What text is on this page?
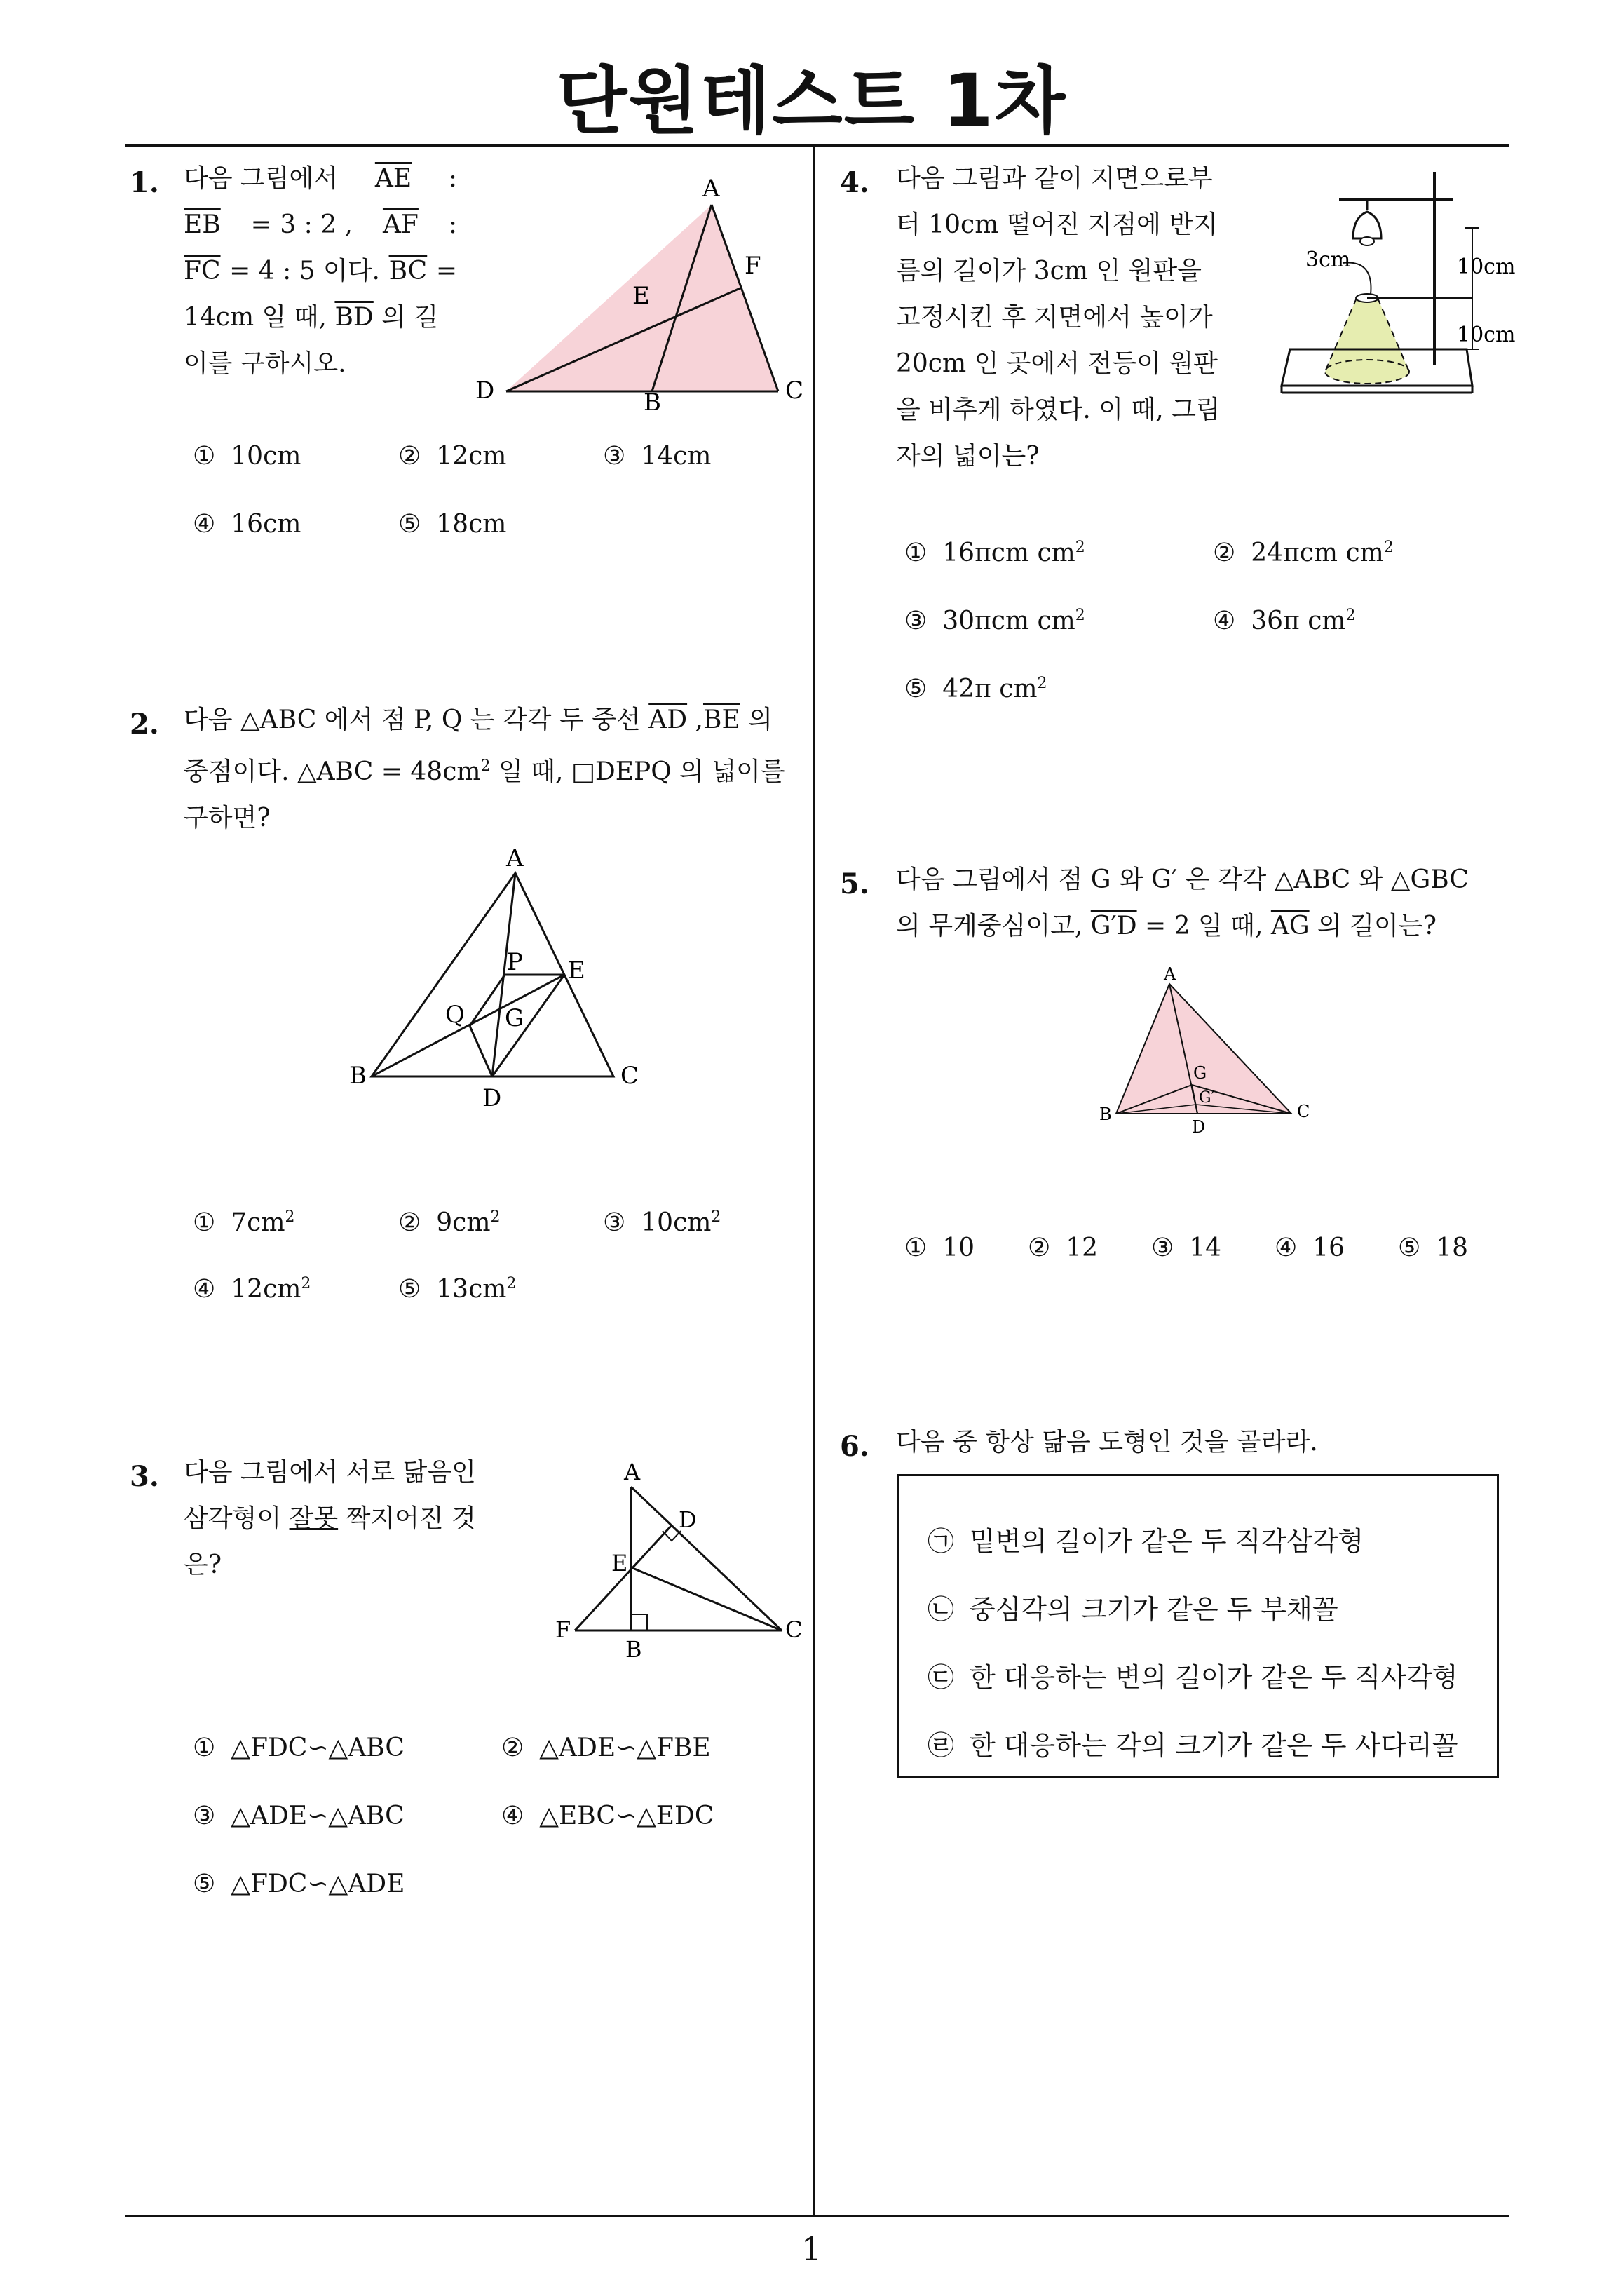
단원테스트 1차
1
1. 다음 그림에서 $\overline{AE}$ :
$\overline{EB} = 3$ : 2 , $\overline{AF}$ :
$\overline{FC} = 4$ : 5 이다. $\overline{BC}$ =
14cm 일 때, $\overline{BD}$ 의 길
이를 구하시오.
A
E
F
D	B	C
① 10cm	② 12cm	③ 14cm
④ 16cm	⑤ 18cm
2. 다음 △ABC 에서 점 P, Q 는 각각 두 중선 $\overline{AD}$ $,\overline{BE}$ 의
중점이다. △ABC = $48cm^2$ 일 때, □DEPQ 의 넓이를
구하면?
A
P E
Q G
B
D
C
① $7cm^2$	② $9cm^2$	③ $10cm^2$
④ $12cm^2$	⑤ $13cm^2$
3. 다음 그림에서 서로 닮음인
삼각형이 잘못 짝지어진 것
은?
A
D
E
F
B
C
① △FDC∽△ABC	② △ADE∽△FBE
③ △ADE∽△ABC	④ △EBC∽△EDC
⑤ △FDC∽△ADE
4. 다음 그림과 같이 지면으로부
터 10cm 떨어진 지점에 반지
름의 길이가 3cm 인 원판을
고정시킨 후 지면에서 높이가
20cm 인 곳에서 전등이 원판
을 비추게 하였다. 이 때, 그림
자의 넓이는?
3cm	10cm
10cm
① 16πcm $cm^2$	② 24πcm $cm^2$
③ 30πcm $cm^2$	④ 36π $cm^2$
⑤ 42π $cm^2$
5. 다음 그림에서 점 G 와 G′ 은 각각 △ABC 와 △GBC
의 무게중심이고, G′D = 2 일 때, $\overline{AG}$ 의 길이는?
A
G
G′
B
D
C
① 10 ② 12 ③ 14 ④ 16 ⑤ 18
6. 다음 중 항상 닮음 도형인 것을 골라라.
㉠ 밑변의 길이가 같은 두 직각삼각형
㉡ 중심각의 크기가 같은 두 부채꼴
㉢ 한 대응하는 변의 길이가 같은 두 직사각형
㉣ 한 대응하는 각의 크기가 같은 두 사다리꼴
